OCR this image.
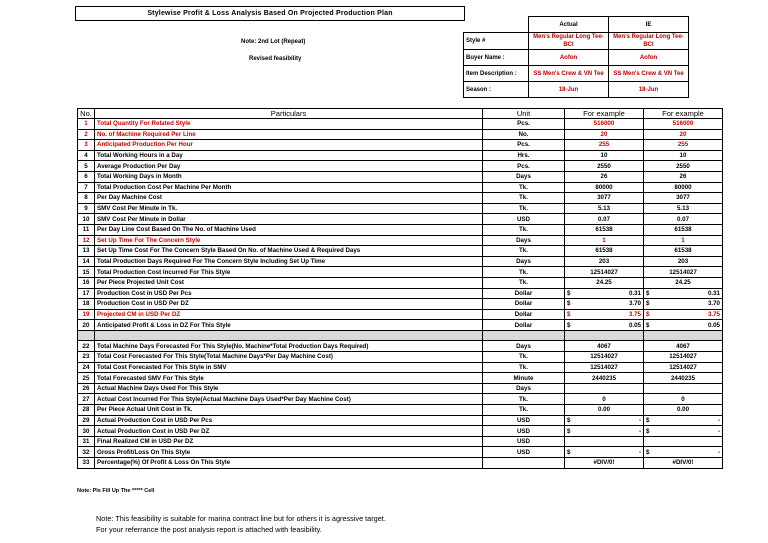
Stylewise Profit & Loss Analysis Based On Projected Production Plan
Note: 2nd Lot (Repeat)
Revised feasibility
	Actual	IE
Style #	Men's Regular Long Tee-BCI	Men's Regular Long Tee-BCI
Buyer Name :	Aofon	Aofon
Item Description :	SS Men's Crew & VN Tee	SS Men's Crew & VN Tee
Season :	18-Jun	18-Jun
No.	Particulars	Unit	For example	For example
1	Total Quantity For Related Style	Pcs.	516000	516000
2	No. of Machine Required Per Line	No.	20	20
3	Anticipated Production Per Hour	Pcs.	255	255
4	Total Working Hours in a Day	Hrs.	10	10
5	Average Production Per Day	Pcs.	2550	2550
6	Total Working Days in Month	Days	26	26
7	Total Production Cost Per Machine Per Month	Tk.	80000	80000
8	Per Day Machine Cost	Tk.	3077	3077
9	SMV Cost Per Minute in Tk.	Tk.	5.13	5.13
10	SMV Cost Per Minute in Dollar	USD	0.07	0.07
11	Per Day Line Cost Based On The No. of Machine Used	Tk.	61538	61538
12	Set Up Time For The Concern Style	Days	1	1
13	Set Up Time Cost For The Concern Style Based On No. of Machine Used & Required Days	Tk.	61538	61538
14	Total Production Days Required For The Concern Style Including Set Up Time	Days	203	203
15	Total Production Cost Incurred For This Style	Tk.	12514027	12514027
16	Per Piece Projected Unit Cost	Tk.	24.25	24.25
17	Production Cost in USD Per Pcs	Dollar	$ 0.31	$ 0.31

18	Production Cost in USD Per DZ	Dollar	$ 3.70	$ 3.70

19	Projected CM in USD Per DZ	Dollar	$ 3.75	$ 3.75

20	Anticipated Profit & Loss in DZ For This Style	Dollar	$ 0.05	$ 0.05

22	Total Machine Days Forecasted For This Style(No. Machine*Total Production Days Required)	Days	4067	4067
23	Total Cost Forecasted For This Style(Total Machine Days*Per Day Machine Cost)	Tk.	12514027	12514027
24	Total Cost Forecasted For This Style in SMV	Tk.	12514027	12514027
25	Total Forecasted SMV For This Style	Minute	2440235	2440235
26	Actual Machine Days Used For This Style	Days		
27	Actual Cost Incurred For This Style(Actual Machine Days Used*Per Day Machine Cost)	Tk.	0	0
28	Per Piece Actual Unit Cost in Tk.	Tk.	0.00	0.00
29	Actual Production Cost in USD Per Pcs	USD	$ -	$ -

30	Actual Production Cost in USD Per DZ	USD	$ -	$ -

31	Final Realized CM in USD Per DZ	USD		
32	Gross Profit/Loss On This Style	USD	$ -	$ -

33	Percentage(%) Of Profit & Loss On This Style		#DIV/0!	#DIV/0!
Note: Pls Fill Up The ***** Cell
Note: This feasibility is suitable for marina contract line but for others it is agressive target.
For your referrance the post analysis report is attached with feasibility.
